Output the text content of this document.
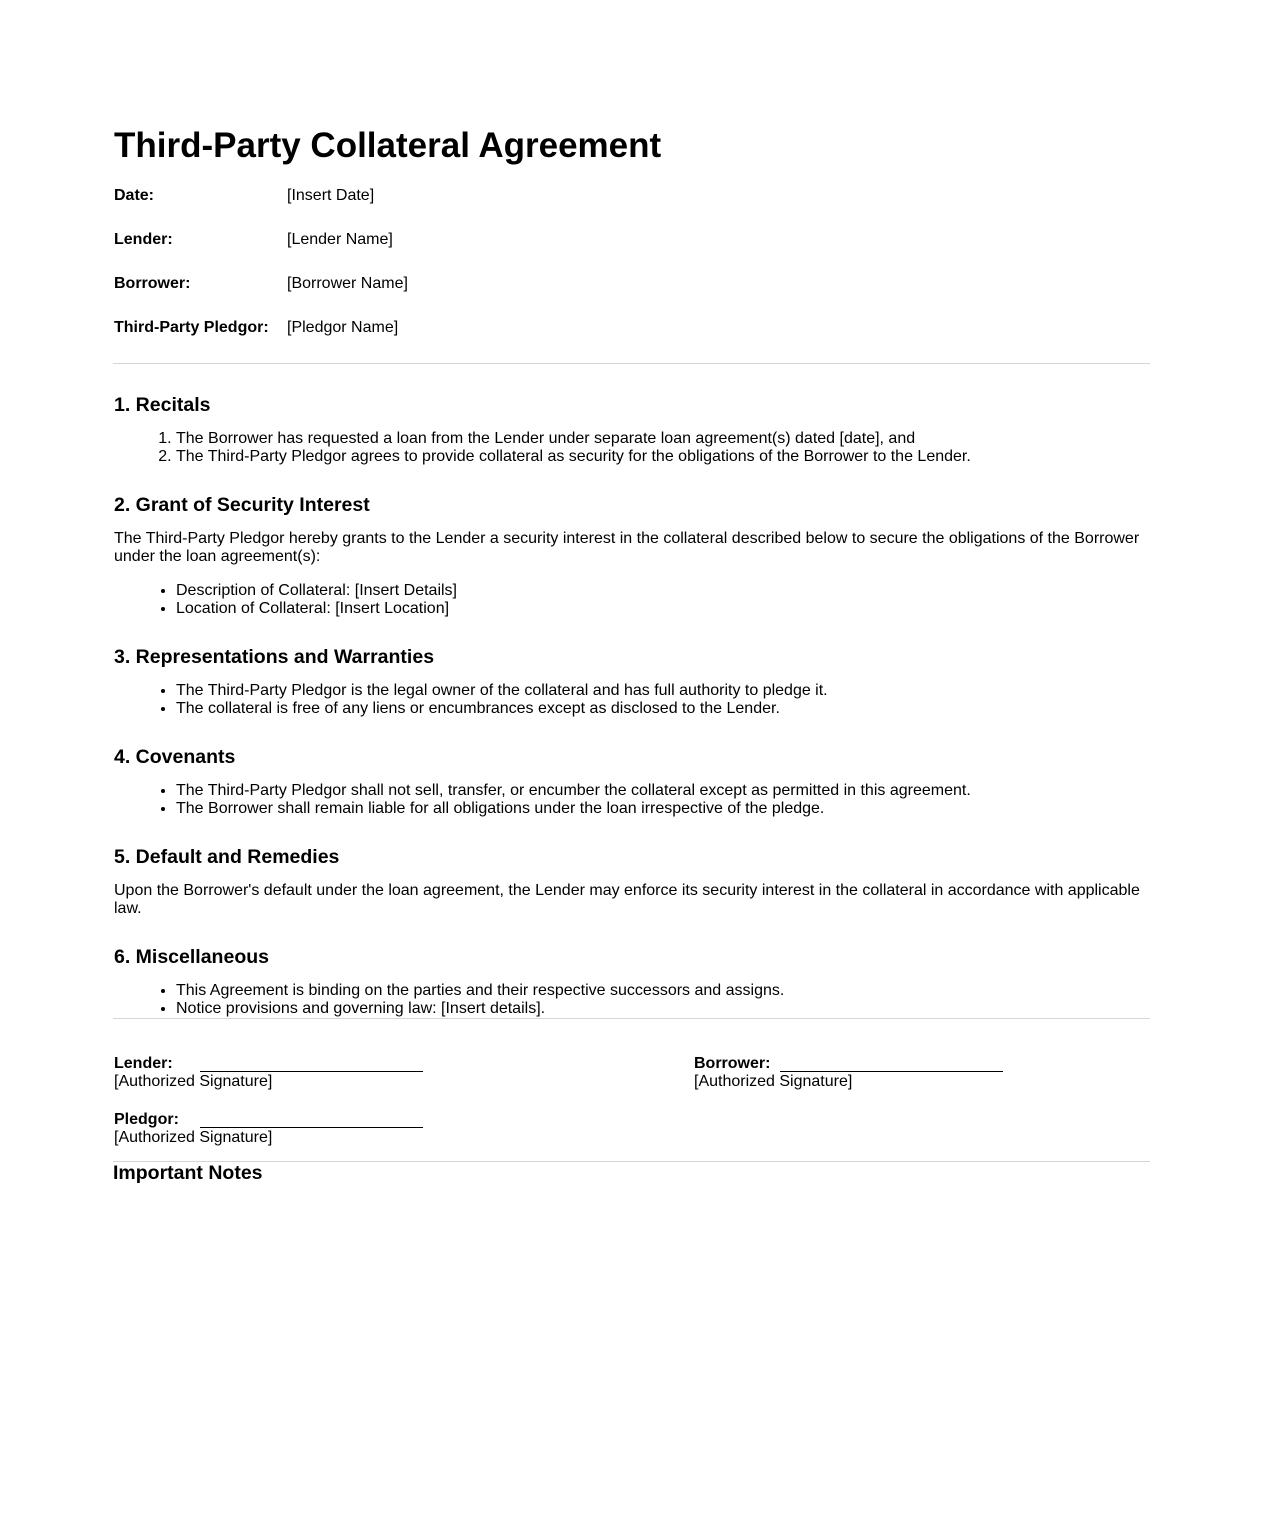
Third-Party Collateral Agreement
Date:	[Insert Date]
Lender:	[Lender Name]
Borrower:	[Borrower Name]
Third-Party Pledgor:	[Pledgor Name]
1. Recitals
1. The Borrower has requested a loan from the Lender under separate loan agreement(s) dated [date], and
2. The Third-Party Pledgor agrees to provide collateral as security for the obligations of the Borrower to the Lender.
2. Grant of Security Interest

The Third-Party Pledgor hereby grants to the Lender a security interest in the collateral described below to secure the obligations of the Borrower under the loan agreement(s):

• Description of Collateral: [Insert Details]
• Location of Collateral: [Insert Location]
3. Representations and Warranties
• The Third-Party Pledgor is the legal owner of the collateral and has full authority to pledge it.
• The collateral is free of any liens or encumbrances except as disclosed to the Lender.
4. Covenants
• The Third-Party Pledgor shall not sell, transfer, or encumber the collateral except as permitted in this agreement.
• The Borrower shall remain liable for all obligations under the loan irrespective of the pledge.
5. Default and Remedies

Upon the Borrower's default under the loan agreement, the Lender may enforce its security interest in the collateral in accordance with applicable law.

6. Miscellaneous
• This Agreement is binding on the parties and their respective successors and assigns.
• Notice provisions and governing law: [Insert details].
Lender:
[Authorized Signature]
Borrower:
[Authorized Signature]
Pledgor:
[Authorized Signature]
Important Notes
